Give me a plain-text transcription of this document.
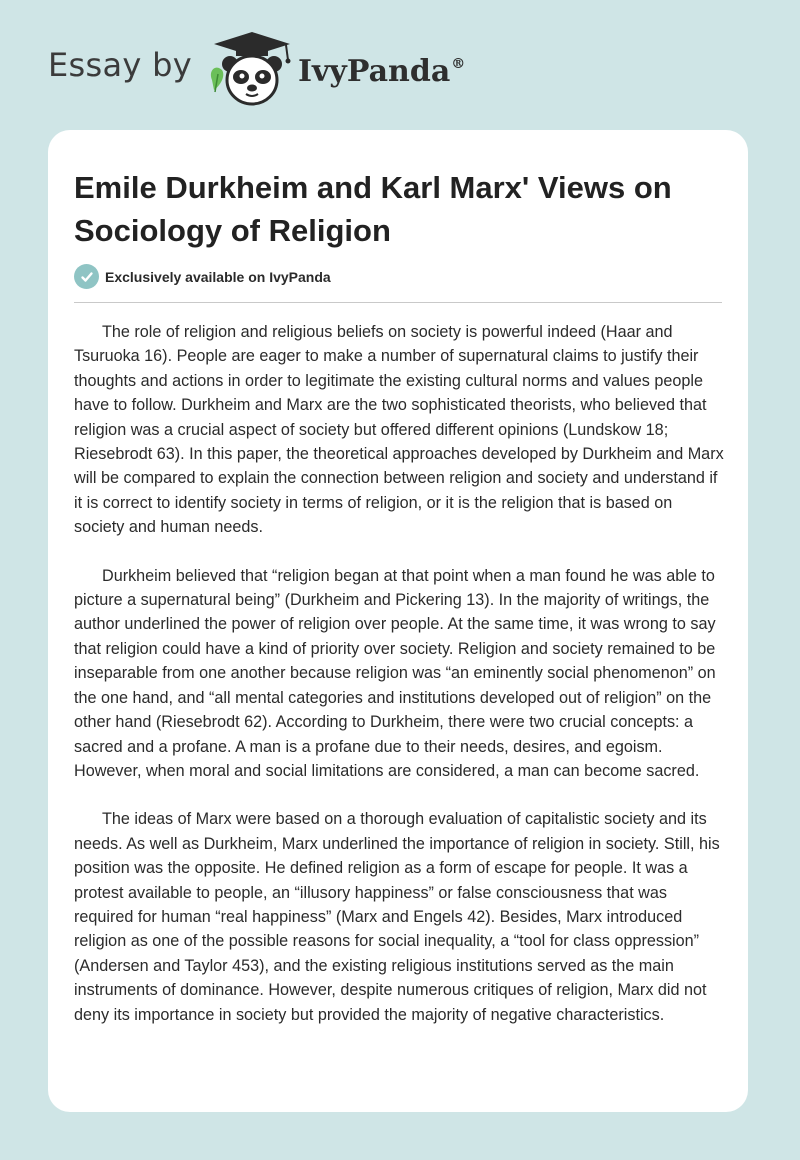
Essay by	IvyPanda®
Emile Durkheim and Karl Marx' Views on Sociology of Religion
Exclusively available on IvyPanda

The role of religion and religious beliefs on society is powerful indeed (Haar and Tsuruoka 16). People are eager to make a number of supernatural claims to justify their thoughts and actions in order to legitimate the existing cultural norms and values people have to follow. Durkheim and Marx are the two sophisticated theorists, who believed that religion was a crucial aspect of society but offered different opinions (Lundskow 18; Riesebrodt 63). In this paper, the theoretical approaches developed by Durkheim and Marx will be compared to explain the connection between religion and society and understand if it is correct to identify society in terms of religion, or it is the religion that is based on society and human needs.

Durkheim believed that “religion began at that point when a man found he was able to picture a supernatural being” (Durkheim and Pickering 13). In the majority of writings, the author underlined the power of religion over people. At the same time, it was wrong to say that religion could have a kind of priority over society. Religion and society remained to be inseparable from one another because religion was “an eminently social phenomenon” on the one hand, and “all mental categories and institutions developed out of religion” on the other hand (Riesebrodt 62). According to Durkheim, there were two crucial concepts: a sacred and a profane. A man is a profane due to their needs, desires, and egoism. However, when moral and social limitations are considered, a man can become sacred.

The ideas of Marx were based on a thorough evaluation of capitalistic society and its needs. As well as Durkheim, Marx underlined the importance of religion in society. Still, his position was the opposite. He defined religion as a form of escape for people. It was a protest available to people, an “illusory happiness” or false consciousness that was required for human “real happiness” (Marx and Engels 42). Besides, Marx introduced religion as one of the possible reasons for social inequality, a “tool for class oppression” (Andersen and Taylor 453), and the existing religious institutions served as the main instruments of dominance. However, despite numerous critiques of religion, Marx did not deny its importance in society but provided the majority of negative characteristics.
